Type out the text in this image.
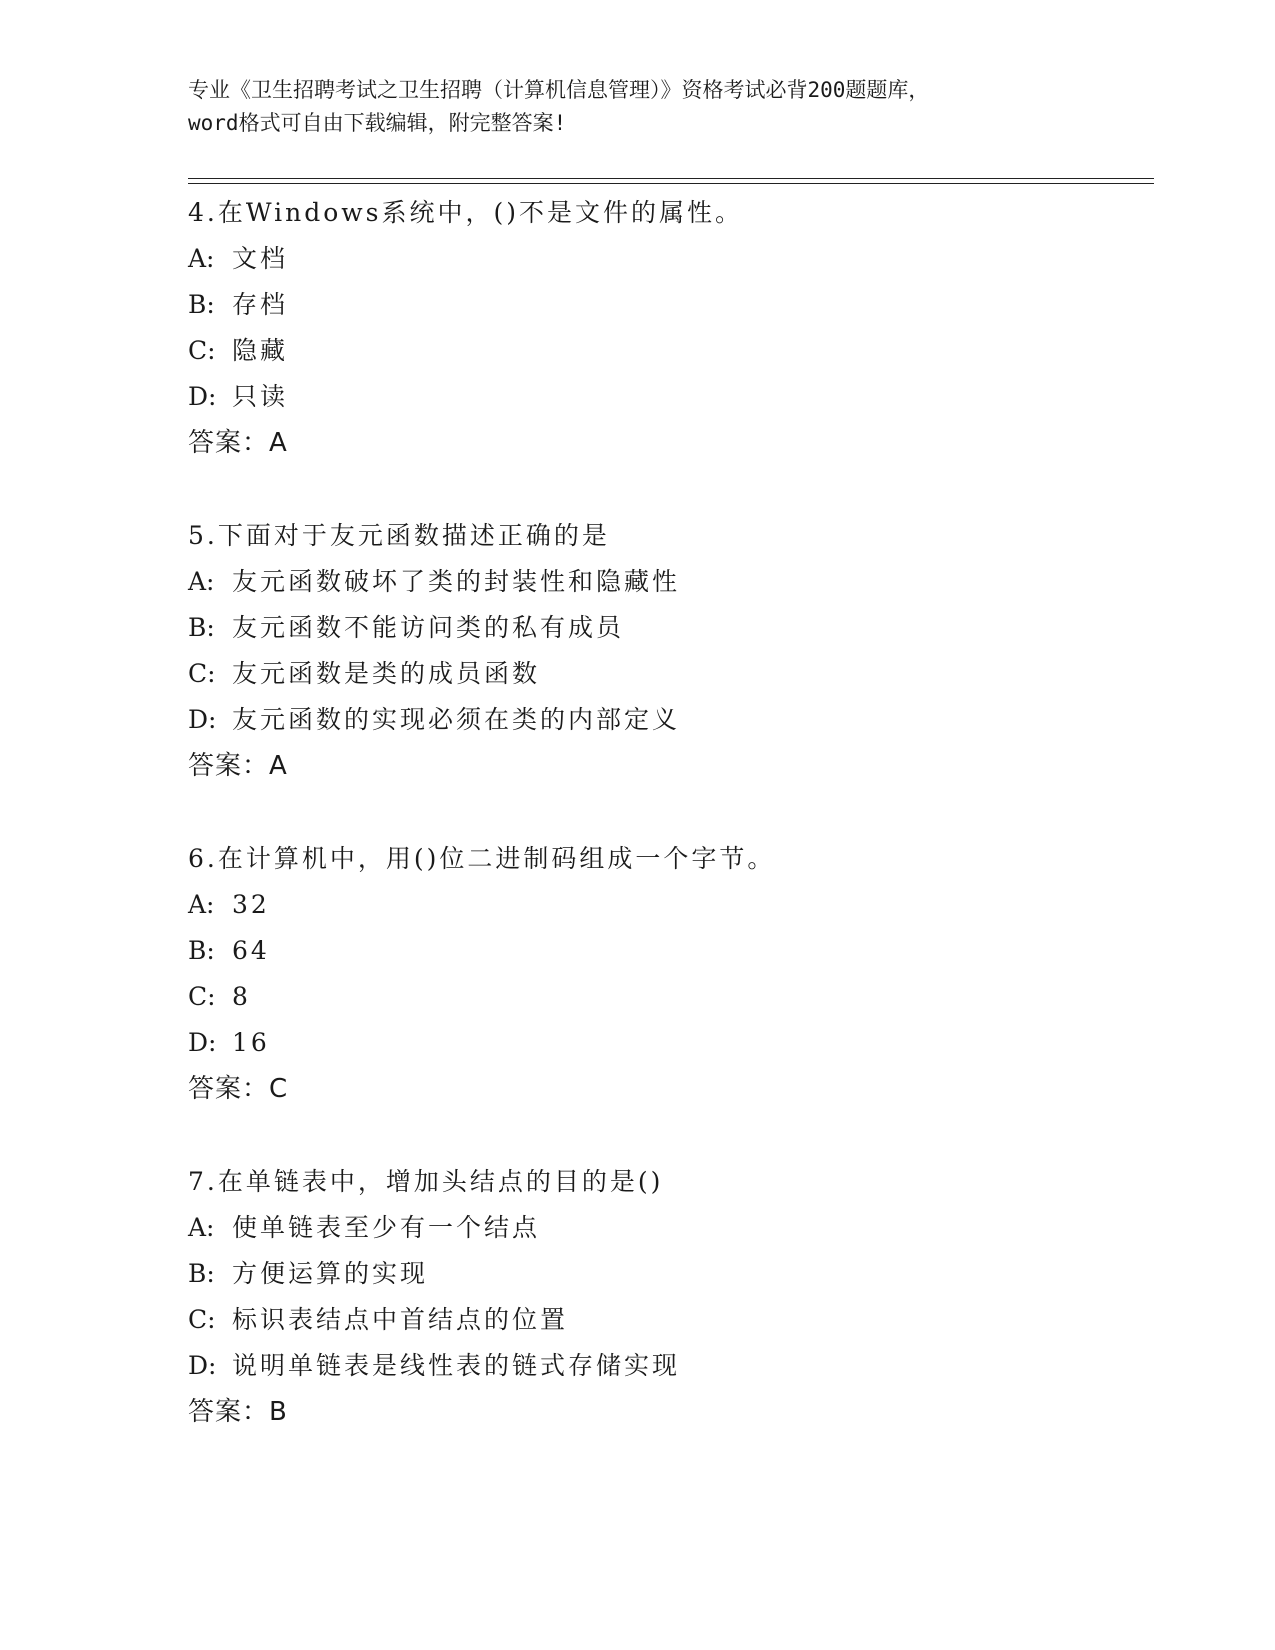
专业《卫生招聘考试之卫生招聘（计算机信息管理）》资格考试必背200题题库，
word格式可自由下载编辑，附完整答案!
4.在Windows系统中，()不是文件的属性。
A: 文档
B: 存档
C: 隐藏
D: 只读
答案：A
5.下面对于友元函数描述正确的是
A: 友元函数破坏了类的封装性和隐藏性
B: 友元函数不能访问类的私有成员
C: 友元函数是类的成员函数
D: 友元函数的实现必须在类的内部定义
答案：A
6.在计算机中，用()位二进制码组成一个字节。
A: 32
B: 64
C: 8
D: 16
答案：C
7.在单链表中，增加头结点的目的是()
A: 使单链表至少有一个结点
B: 方便运算的实现
C: 标识表结点中首结点的位置
D: 说明单链表是线性表的链式存储实现
答案：B
